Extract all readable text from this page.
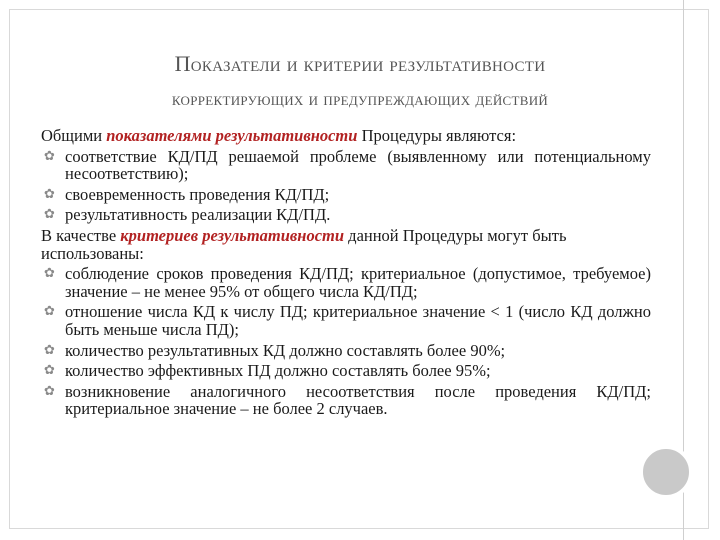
Показатели и критерии результативности
корректирующих и предупреждающих действий

Общими показателями результативности Процедуры являются:

✿ соответствие КД/ПД решаемой проблеме (выявленному или потенциальному несоответствию);
✿ своевременность проведения КД/ПД;
✿ результативность реализации КД/ПД.

В качестве критериев результативности данной Процедуры могут быть использованы:

✿ соблюдение сроков проведения КД/ПД; критериальное (допустимое, требуемое) значение – не менее 95% от общего числа КД/ПД;
✿ отношение числа КД к числу ПД; критериальное значение < 1 (число КД должно быть меньше числа ПД);
✿ количество результативных КД должно составлять более 90%;
✿ количество эффективных ПД должно составлять более 95%;
✿ возникновение аналогичного несоответствия после проведения КД/ПД; критериальное значение – не более 2 случаев.
